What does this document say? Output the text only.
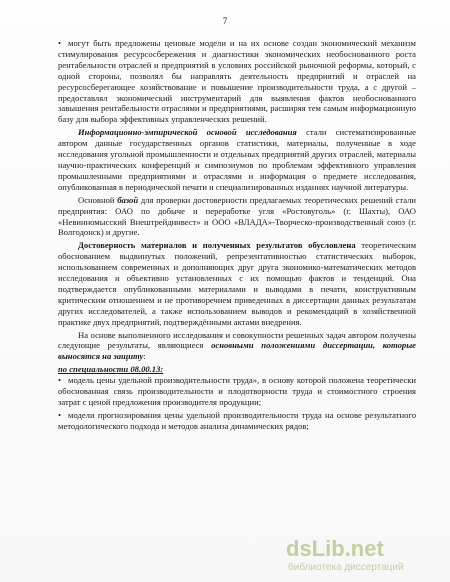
7

• могут быть предложены ценовые модели и на их основе создан экономический механизм стимулирования ресурсосбережения и диагностики экономических необоснованного роста рентабельности отраслей и предприятий в условиях российской рыночной реформы, который, с одной стороны, позволял бы направлять деятельность предприятий и отраслей на ресурсосберегающее хозяйствование и повышение производительности труда, а с другой – предоставлял экономический инструментарий для выявления фактов необоснованного завышения рентабельности отраслями и предприятиями, расширяя тем самым информационную базу для выбора эффективных управленческих решений.

Информационно-эмпирической основой исследования стали систематизированные автором данные государственных органов статистики, материалы, полученные в ходе исследования угольной промышленности и отдельных предприятий других отраслей, материалы научно-практических конференций и симпозиумов по проблемам эффективного управления промышленными предприятиями и отраслями и информация о предмете исследования, опубликованная в периодической печати и специализированных изданиях научной литературы.

Основной базой для проверки достоверности предлагаемых теоретических решений стали предприятия: ОАО по добыче и переработке угля «Ростовуголь» (г. Шахты), ОАО «Невинномысский Внештрейдинвест» и ООО «ВЛАДА»-Творческо-производственный союз (г. Волгодонск) и другие.

Достоверность материалов и полученных результатов обусловлена теоретическим обоснованием выдвинутых положений, репрезентативностью статистических выборок, использованием современных и дополняющих друг друга экономико-математических методов исследования и объективно установленных с их помощью фактов и тенденций. Она подтверждается опубликованными материалами и выводами в печати, конструктивным критическим отношением и не противоречием приведенных в диссертации данных результатам других исследователей, а также использованием выводов и рекомендаций в хозяйственной практике двух предприятий, подтверждёнными актами внедрения.

На основе выполненного исследования и совокупности решенных задач автором получены следующие результаты, являющиеся основными положениями диссертации, которые выносятся на защиту:

по специальности 08.00.13:

• модель цены удельной производительности труда», в основу которой положена теоретически обоснованная связь производительности и плодотворности труда и стоимостного строения затрат с ценой предложения производителя продукции;

• модели прогнозирования цены удельной производительности труда на основе результатного методологического подхода и методов анализа динамических рядов;

dsLib.net
библиотека диссертаций
